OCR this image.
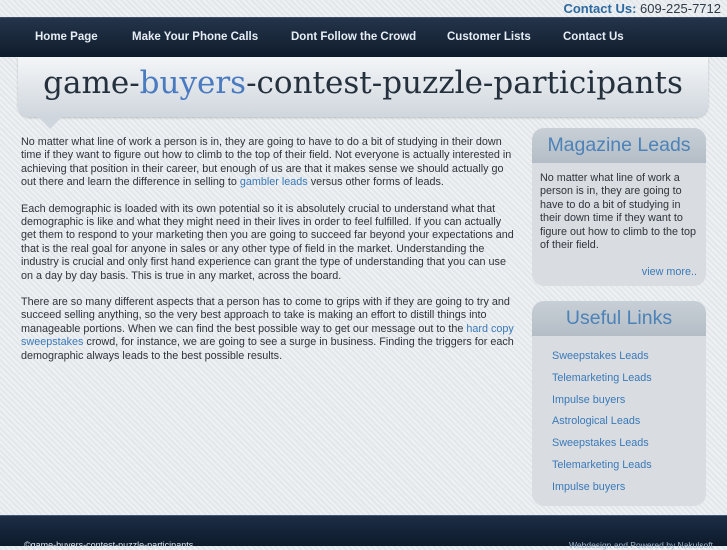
Contact Us: 609-225-7712
Home Page	Make Your Phone Calls	Dont Follow the Crowd	Customer Lists	Contact Us
game-buyers-contest-puzzle-participants

No matter what line of work a person is in, they are going to have to do a bit of studying in their down time if they want to figure out how to climb to the top of their field. Not everyone is actually interested in achieving that position in their career, but enough of us are that it makes sense we should actually go out there and learn the difference in selling to gambler leads versus other forms of leads.

Each demographic is loaded with its own potential so it is absolutely crucial to understand what that demographic is like and what they might need in their lives in order to feel fulfilled. If you can actually get them to respond to your marketing then you are going to succeed far beyond your expectations and that is the real goal for anyone in sales or any other type of field in the market. Understanding the industry is crucial and only first hand experience can grant the type of understanding that you can use on a day by day basis. This is true in any market, across the board.

There are so many different aspects that a person has to come to grips with if they are going to try and succeed selling anything, so the very best approach to take is making an effort to distill things into manageable portions. When we can find the best possible way to get our message out to the hard copy sweepstakes crowd, for instance, we are going to see a surge in business. Finding the triggers for each demographic always leads to the best possible results.

Magazine Leads
No matter what line of work a person is in, they are going to have to do a bit of studying in their down time if they want to figure out how to climb to the top of their field.
view more..
Useful Links
Sweepstakes Leads
Telemarketing Leads
Impulse buyers
Astrological Leads
Sweepstakes Leads
Telemarketing Leads
Impulse buyers
©game-buyers-contest-puzzle-participants	Webdesign and Powered by Nakulsoft
